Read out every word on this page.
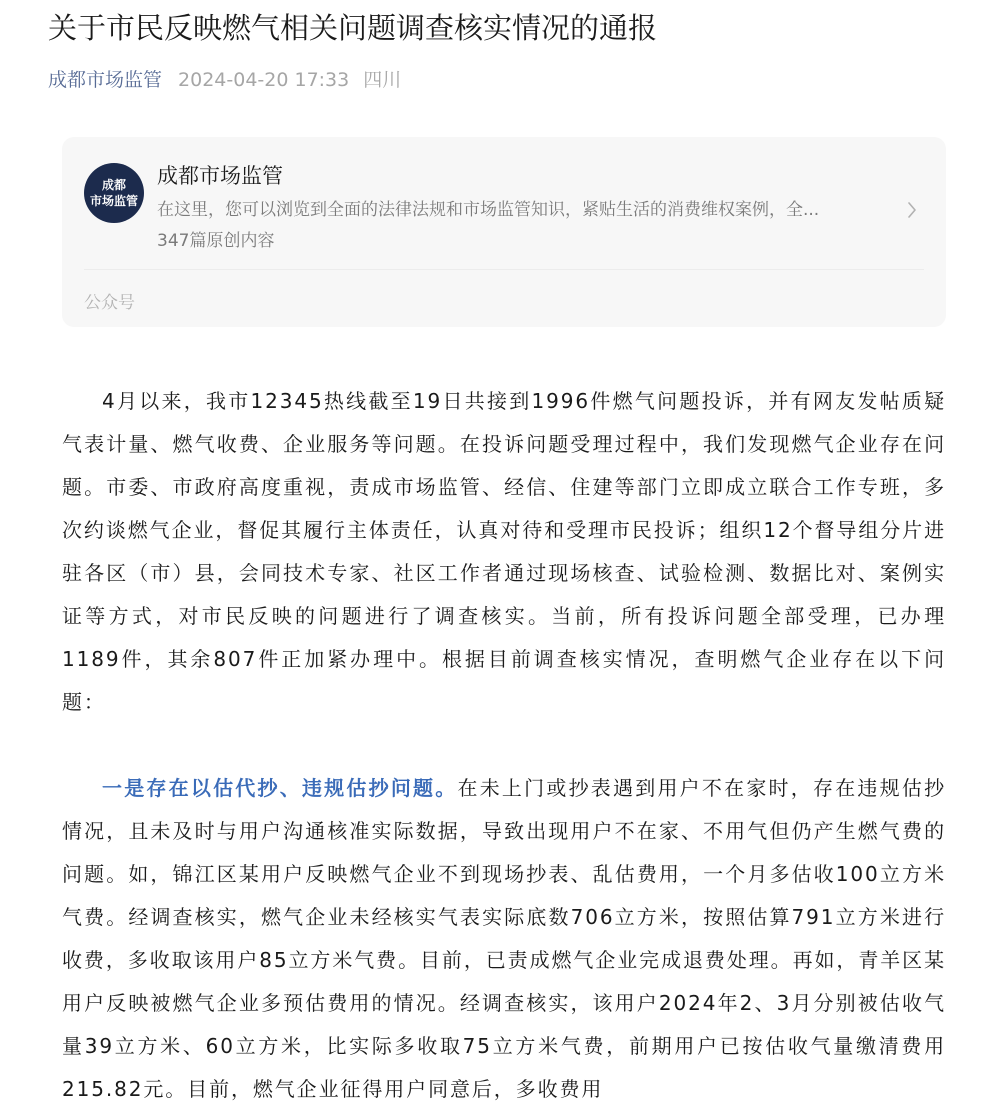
关于市民反映燃气相关问题调查核实情况的通报
成都市场监管 2024-04-20 17:33 四川
成都
市场监管
成都市场监管
在这里，您可以浏览到全面的法律法规和市场监管知识，紧贴生活的消费维权案例，全...
347篇原创内容
公众号

4月以来，我市12345热线截至19日共接到1996件燃气问题投诉，并有网友发帖质疑气表计量、燃气收费、企业服务等问题。在投诉问题受理过程中，我们发现燃气企业存在问题。市委、市政府高度重视，责成市场监管、经信、住建等部门立即成立联合工作专班，多次约谈燃气企业，督促其履行主体责任，认真对待和受理市民投诉；组织12个督导组分片进驻各区（市）县，会同技术专家、社区工作者通过现场核查、试验检测、数据比对、案例实证等方式，对市民反映的问题进行了调查核实。当前，所有投诉问题全部受理，已办理1189件，其余807件正加紧办理中。根据目前调查核实情况，查明燃气企业存在以下问题：

一是存在以估代抄、违规估抄问题。在未上门或抄表遇到用户不在家时，存在违规估抄情况，且未及时与用户沟通核准实际数据，导致出现用户不在家、不用气但仍产生燃气费的问题。如，锦江区某用户反映燃气企业不到现场抄表、乱估费用，一个月多估收100立方米气费。经调查核实，燃气企业未经核实气表实际底数706立方米，按照估算791立方米进行收费，多收取该用户85立方米气费。目前，已责成燃气企业完成退费处理。再如，青羊区某用户反映被燃气企业多预估费用的情况。经调查核实，该用户2024年2、3月分别被估收气量39立方米、60立方米，比实际多收取75立方米气费，前期用户已按估收气量缴清费用215.82元。目前，燃气企业征得用户同意后，多收费用
